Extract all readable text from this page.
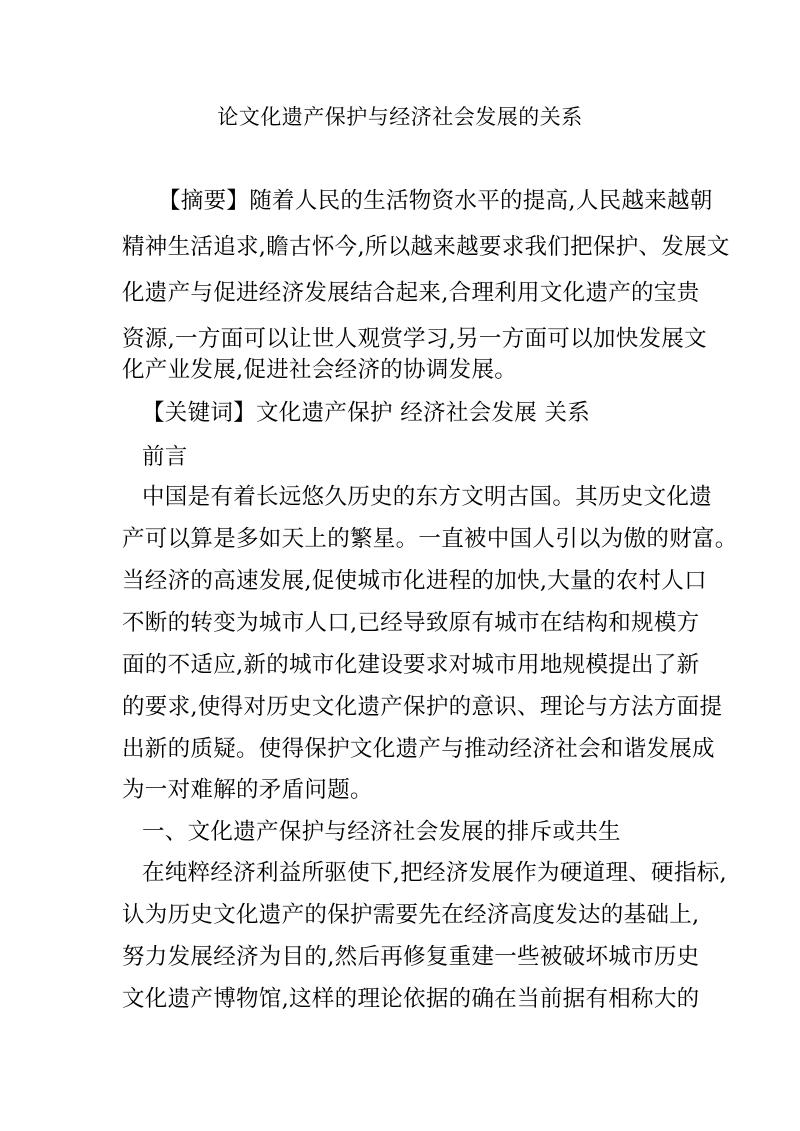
论文化遗产保护与经济社会发展的关系
【摘要】随着人民的生活物资水平的提高,人民越来越朝
精神生活追求,瞻古怀今,所以越来越要求我们把保护、发展文
化遗产与促进经济发展结合起来,合理利用文化遗产的宝贵
资源,一方面可以让世人观赏学习,另一方面可以加快发展文
化产业发展,促进社会经济的协调发展。
【关键词】文化遗产保护 经济社会发展 关系
前言
中国是有着长远悠久历史的东方文明古国。其历史文化遗
产可以算是多如天上的繁星。一直被中国人引以为傲的财富。
当经济的高速发展,促使城市化进程的加快,大量的农村人口
不断的转变为城市人口,已经导致原有城市在结构和规模方
面的不适应,新的城市化建设要求对城市用地规模提出了新
的要求,使得对历史文化遗产保护的意识、理论与方法方面提
出新的质疑。使得保护文化遗产与推动经济社会和谐发展成
为一对难解的矛盾问题。
一、文化遗产保护与经济社会发展的排斥或共生
在纯粹经济利益所驱使下,把经济发展作为硬道理、硬指标,
认为历史文化遗产的保护需要先在经济高度发达的基础上,
努力发展经济为目的,然后再修复重建一些被破坏城市历史
文化遗产博物馆,这样的理论依据的确在当前据有相称大的
